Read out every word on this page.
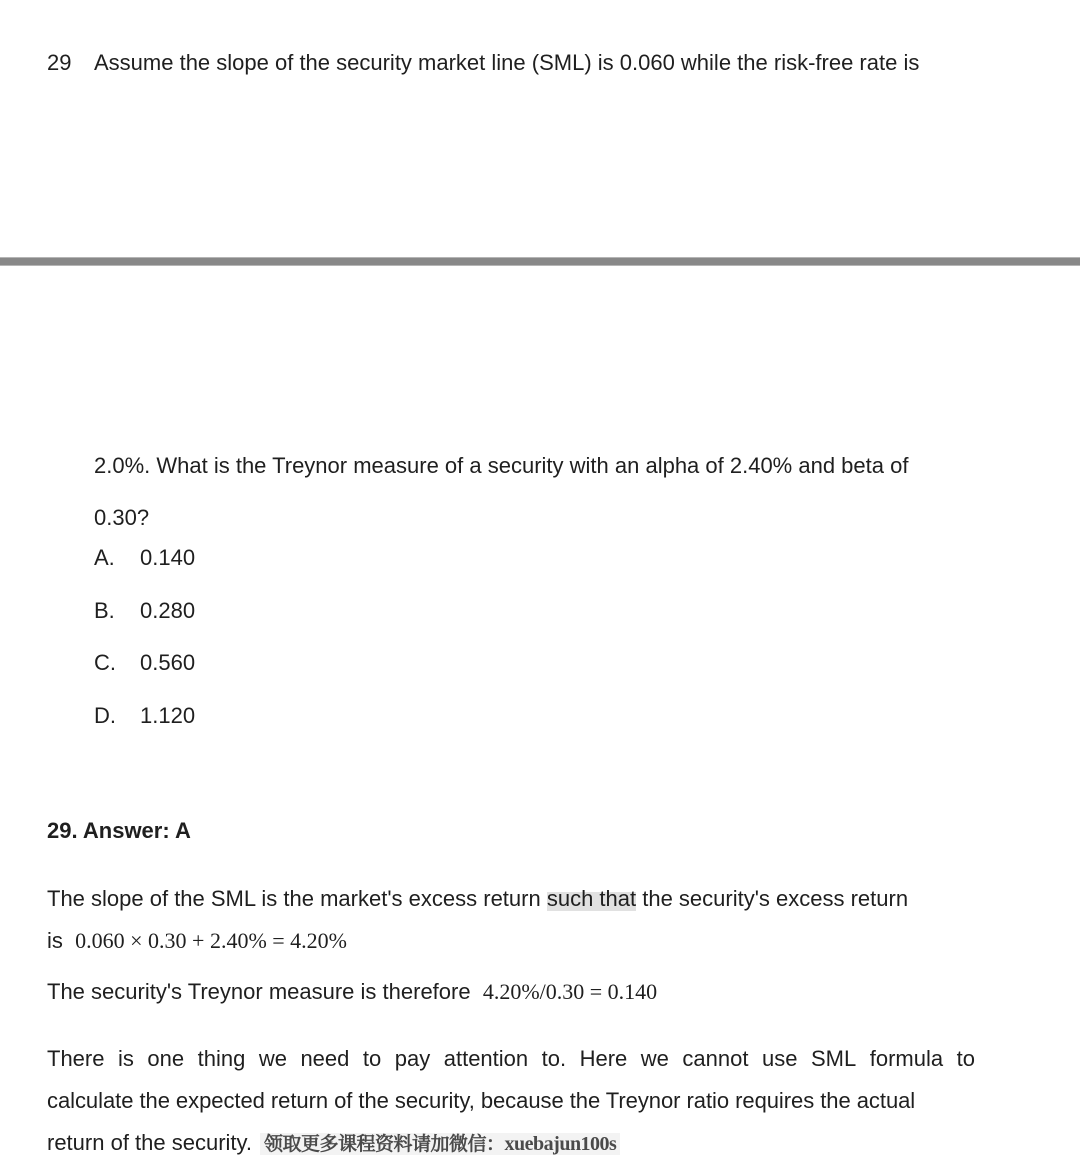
29 Assume the slope of the security market line (SML) is 0.060 while the risk-free rate is
2.0%. What is the Treynor measure of a security with an alpha of 2.40% and beta of
0.30?
A. 0.140
B. 0.280
C. 0.560
D. 1.120
29. Answer: A
The slope of the SML is the market's excess return such that the security's excess return
is 0.060 × 0.30 + 2.40% = 4.20%
The security's Treynor measure is therefore 4.20%/0.30 = 0.140
There is one thing we need to pay attention to. Here we cannot use SML formula to
calculate the expected return of the security, because the Treynor ratio requires the actual
return of the security. 领取更多课程资料请加微信：xuebajun100s
